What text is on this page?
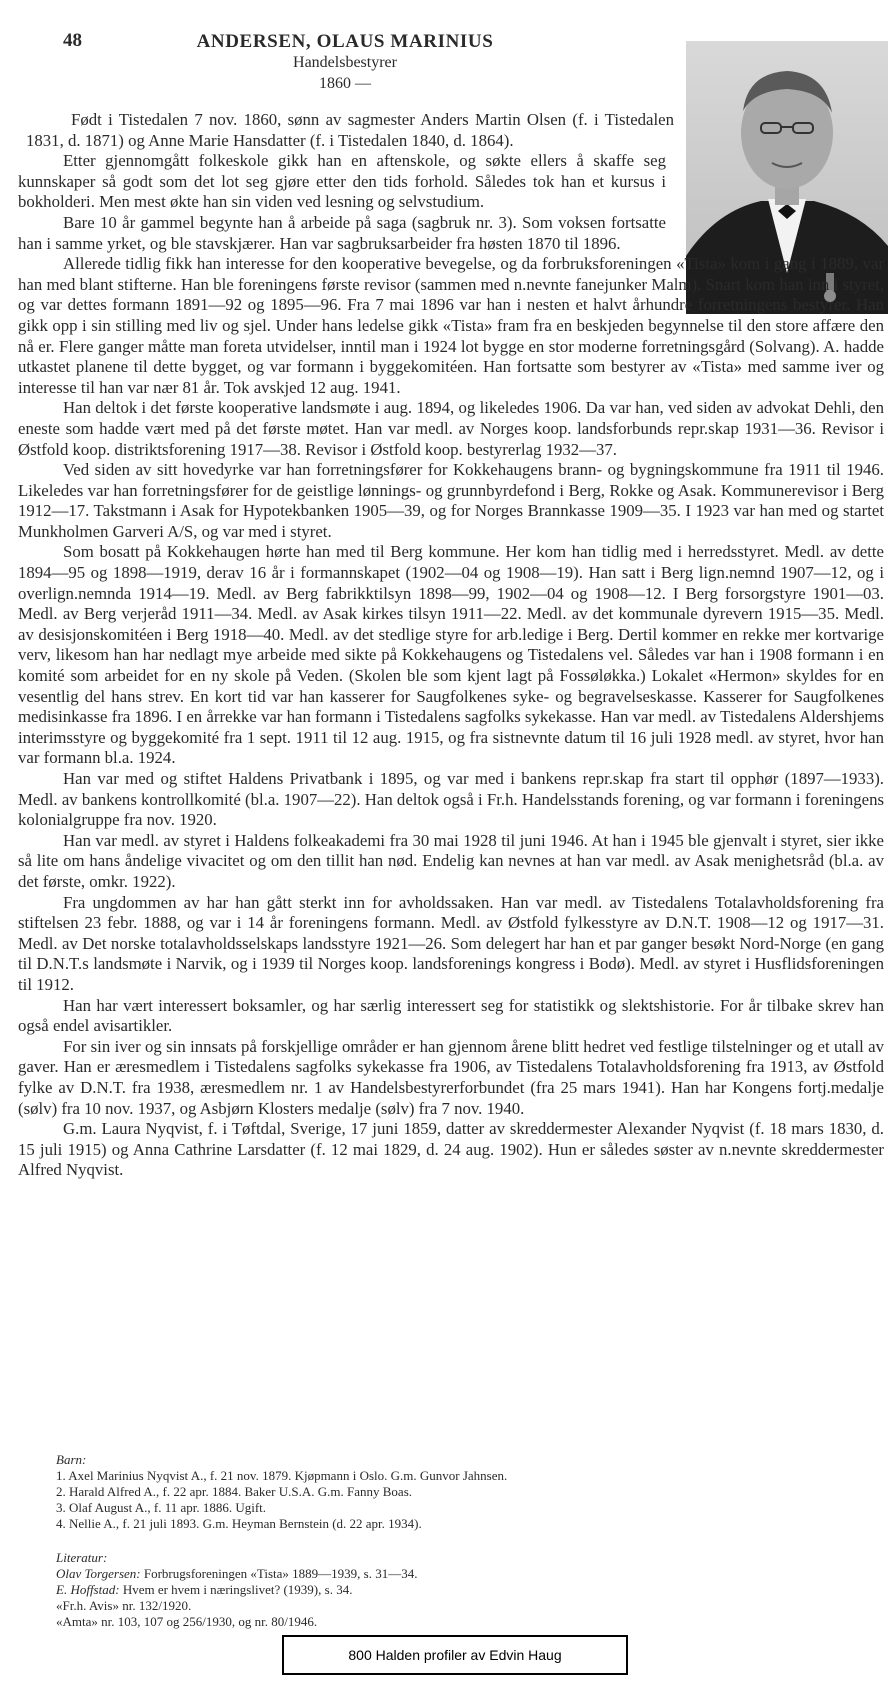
48	ANDERSEN, OLAUS MARINIUS
Handelsbestyrer
1860 —

Født i Tistedalen 7 nov. 1860, sønn av sagmester Anders Martin Olsen (f. i Tistedalen 1831, d. 1871) og Anne Marie Hansdatter (f. i Tistedalen 1840, d. 1864).

Etter gjennomgått folkeskole gikk han en aftenskole, og søkte ellers å skaffe seg kunnskaper så godt som det lot seg gjøre etter den tids forhold. Således tok han et kursus i bokholderi. Men mest økte han sin viden ved lesning og selvstudium.

Bare 10 år gammel begynte han å arbeide på saga (sagbruk nr. 3). Som voksen fortsatte han i samme yrket, og ble stavskjærer. Han var sagbruksarbeider fra høsten 1870 til 1896.

Allerede tidlig fikk han interesse for den kooperative bevegelse, og da forbruksforeningen «Tista» kom i gang i 1889, var han med blant stifterne. Han ble foreningens første revisor (sammen med n.nevnte fanejunker Malm). Snart kom han inn i styret, og var dettes formann 1891—92 og 1895—96. Fra 7 mai 1896 var han i nesten et halvt århundre forretningens bestyrer. Han gikk opp i sin stilling med liv og sjel. Under hans ledelse gikk «Tista» fram fra en beskjeden begynnelse til den store affære den nå er. Flere ganger måtte man foreta utvidelser, inntil man i 1924 lot bygge en stor moderne forretningsgård (Solvang). A. hadde utkastet planene til dette bygget, og var formann i byggekomitéen. Han fortsatte som bestyrer av «Tista» med samme iver og interesse til han var nær 81 år. Tok avskjed 12 aug. 1941.

Han deltok i det første kooperative landsmøte i aug. 1894, og likeledes 1906. Da var han, ved siden av advokat Dehli, den eneste som hadde vært med på det første møtet. Han var medl. av Norges koop. landsforbunds repr.skap 1931—36. Revisor i Østfold koop. distriktsforening 1917—38. Revisor i Østfold koop. bestyrerlag 1932—37.

Ved siden av sitt hovedyrke var han forretningsfører for Kokkehaugens brann- og bygningskommune fra 1911 til 1946. Likeledes var han forretningsfører for de geistlige lønnings- og grunnbyrdefond i Berg, Rokke og Asak. Kommunerevisor i Berg 1912—17. Takstmann i Asak for Hypotekbanken 1905—39, og for Norges Brannkasse 1909—35. I 1923 var han med og startet Munkholmen Garveri A/S, og var med i styret.

Som bosatt på Kokkehaugen hørte han med til Berg kommune. Her kom han tidlig med i herredsstyret. Medl. av dette 1894—95 og 1898—1919, derav 16 år i formannskapet (1902—04 og 1908—19). Han satt i Berg lign.nemnd 1907—12, og i overlign.nemnda 1914—19. Medl. av Berg fabrikktilsyn 1898—99, 1902—04 og 1908—12. I Berg forsorgstyre 1901—03. Medl. av Berg verjeråd 1911—34. Medl. av Asak kirkes tilsyn 1911—22. Medl. av det kommunale dyrevern 1915—35. Medl. av desisjonskomitéen i Berg 1918—40. Medl. av det stedlige styre for arb.ledige i Berg. Dertil kommer en rekke mer kortvarige verv, likesom han har nedlagt mye arbeide med sikte på Kokkehaugens og Tistedalens vel. Således var han i 1908 formann i en komité som arbeidet for en ny skole på Veden. (Skolen ble som kjent lagt på Fossøløkka.) Lokalet «Hermon» skyldes for en vesentlig del hans strev. En kort tid var han kasserer for Saugfolkenes syke- og begravelseskasse. Kasserer for Saugfolkenes medisinkasse fra 1896. I en årrekke var han formann i Tistedalens sagfolks sykekasse. Han var medl. av Tistedalens Aldershjems interimsstyre og byggekomité fra 1 sept. 1911 til 12 aug. 1915, og fra sistnevnte datum til 16 juli 1928 medl. av styret, hvor han var formann bl.a. 1924.

Han var med og stiftet Haldens Privatbank i 1895, og var med i bankens repr.skap fra start til opphør (1897—1933). Medl. av bankens kontrollkomité (bl.a. 1907—22). Han deltok også i Fr.h. Handelsstands forening, og var formann i foreningens kolonialgruppe fra nov. 1920.

Han var medl. av styret i Haldens folkeakademi fra 30 mai 1928 til juni 1946. At han i 1945 ble gjenvalt i styret, sier ikke så lite om hans åndelige vivacitet og om den tillit han nød. Endelig kan nevnes at han var medl. av Asak menighetsråd (bl.a. av det første, omkr. 1922).

Fra ungdommen av har han gått sterkt inn for avholdssaken. Han var medl. av Tistedalens Totalavholdsforening fra stiftelsen 23 febr. 1888, og var i 14 år foreningens formann. Medl. av Østfold fylkesstyre av D.N.T. 1908—12 og 1917—31. Medl. av Det norske totalavholdsselskaps landsstyre 1921—26. Som delegert har han et par ganger besøkt Nord-Norge (en gang til D.N.T.s landsmøte i Narvik, og i 1939 til Norges koop. landsforenings kongress i Bodø). Medl. av styret i Husflidsforeningen til 1912.

Han har vært interessert boksamler, og har særlig interessert seg for statistikk og slektshistorie. For år tilbake skrev han også endel avisartikler.

For sin iver og sin innsats på forskjellige områder er han gjennom årene blitt hedret ved festlige tilstelninger og et utall av gaver. Han er æresmedlem i Tistedalens sagfolks sykekasse fra 1906, av Tistedalens Totalavholdsforening fra 1913, av Østfold fylke av D.N.T. fra 1938, æresmedlem nr. 1 av Handelsbestyrerforbundet (fra 25 mars 1941). Han har Kongens fortj.medalje (sølv) fra 10 nov. 1937, og Asbjørn Klosters medalje (sølv) fra 7 nov. 1940.

G.m. Laura Nyqvist, f. i Tøftdal, Sverige, 17 juni 1859, datter av skreddermester Alexander Nyqvist (f. 18 mars 1830, d. 15 juli 1915) og Anna Cathrine Larsdatter (f. 12 mai 1829, d. 24 aug. 1902). Hun er således søster av n.nevnte skreddermester Alfred Nyqvist.

Barn:
1. Axel Marinius Nyqvist A., f. 21 nov. 1879. Kjøpmann i Oslo. G.m. Gunvor Jahnsen.
2. Harald Alfred A., f. 22 apr. 1884. Baker U.S.A. G.m. Fanny Boas.
3. Olaf August A., f. 11 apr. 1886. Ugift.
4. Nellie A., f. 21 juli 1893. G.m. Heyman Bernstein (d. 22 apr. 1934).
Literatur:
Olav Torgersen: Forbrugsforeningen «Tista» 1889—1939, s. 31—34.
E. Hoffstad: Hvem er hvem i næringslivet? (1939), s. 34.
«Fr.h. Avis» nr. 132/1920.
«Amta» nr. 103, 107 og 256/1930, og nr. 80/1946.
800 Halden profiler av Edvin Haug
